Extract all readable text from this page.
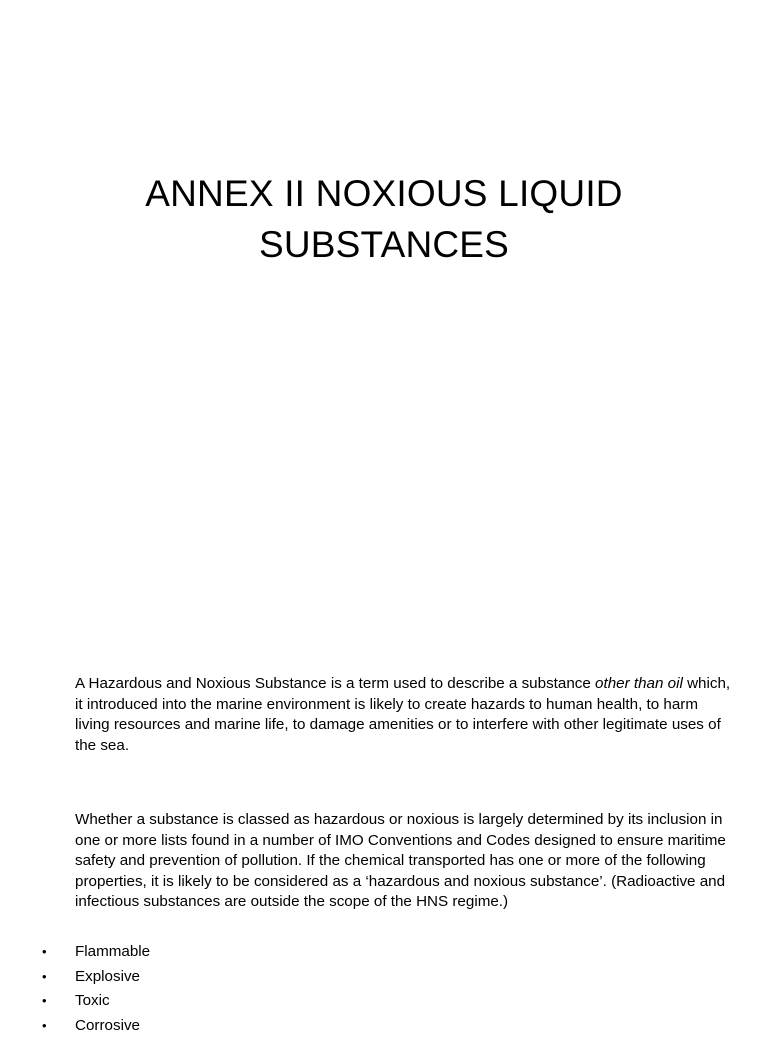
ANNEX II NOXIOUS LIQUID
SUBSTANCES
A Hazardous and Noxious Substance is a term used to describe a substance other than oil which, it introduced into the marine environment is likely to create hazards to human health, to harm living resources and marine life, to damage amenities or to interfere with other legitimate uses of the sea.
Whether a substance is classed as hazardous or noxious is largely determined by its inclusion in one or more lists found in a number of IMO Conventions and Codes designed to ensure maritime safety and prevention of pollution. If the chemical transported has one or more of the following properties, it is likely to be considered as a ‘hazardous and noxious substance’. (Radioactive and infectious substances are outside the scope of the HNS regime.)
• Flammable
• Explosive
• Toxic
• Corrosive
